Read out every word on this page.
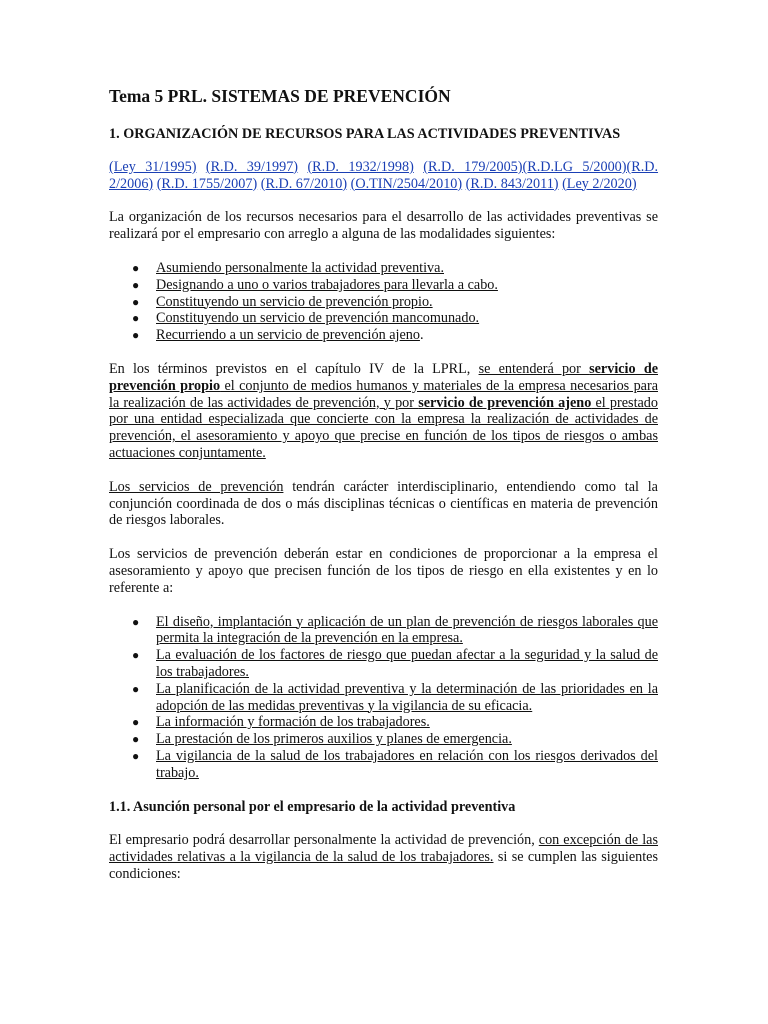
Tema 5 PRL. SISTEMAS DE PREVENCIÓN
1. ORGANIZACIÓN DE RECURSOS PARA LAS ACTIVIDADES PREVENTIVAS
(Ley 31/1995) (R.D. 39/1997) (R.D. 1932/1998) (R.D. 179/2005)(R.D.LG 5/2000)(R.D. 2/2006) (R.D. 1755/2007) (R.D. 67/2010) (O.TIN/2504/2010) (R.D. 843/2011) (Ley 2/2020)

La organización de los recursos necesarios para el desarrollo de las actividades preventivas se realizará por el empresario con arreglo a alguna de las modalidades siguientes:

● Asumiendo personalmente la actividad preventiva.
● Designando a uno o varios trabajadores para llevarla a cabo.
● Constituyendo un servicio de prevención propio.
● Constituyendo un servicio de prevención mancomunado.
● Recurriendo a un servicio de prevención ajeno.

En los términos previstos en el capítulo IV de la LPRL, se entenderá por servicio de prevención propio el conjunto de medios humanos y materiales de la empresa necesarios para la realización de las actividades de prevención, y por servicio de prevención ajeno el prestado por una entidad especializada que concierte con la empresa la realización de actividades de prevención, el asesoramiento y apoyo que precise en función de los tipos de riesgos o ambas actuaciones conjuntamente.

Los servicios de prevención tendrán carácter interdisciplinario, entendiendo como tal la conjunción coordinada de dos o más disciplinas técnicas o científicas en materia de prevención de riesgos laborales.

Los servicios de prevención deberán estar en condiciones de proporcionar a la empresa el asesoramiento y apoyo que precisen función de los tipos de riesgo en ella existentes y en lo referente a:

● El diseño, implantación y aplicación de un plan de prevención de riesgos laborales que permita la integración de la prevención en la empresa.
● La evaluación de los factores de riesgo que puedan afectar a la seguridad y la salud de los trabajadores.
● La planificación de la actividad preventiva y la determinación de las prioridades en la adopción de las medidas preventivas y la vigilancia de su eficacia.
● La información y formación de los trabajadores.
● La prestación de los primeros auxilios y planes de emergencia.
● La vigilancia de la salud de los trabajadores en relación con los riesgos derivados del trabajo.
1.1. Asunción personal por el empresario de la actividad preventiva

El empresario podrá desarrollar personalmente la actividad de prevención, con excepción de las actividades relativas a la vigilancia de la salud de los trabajadores. si se cumplen las siguientes condiciones:
